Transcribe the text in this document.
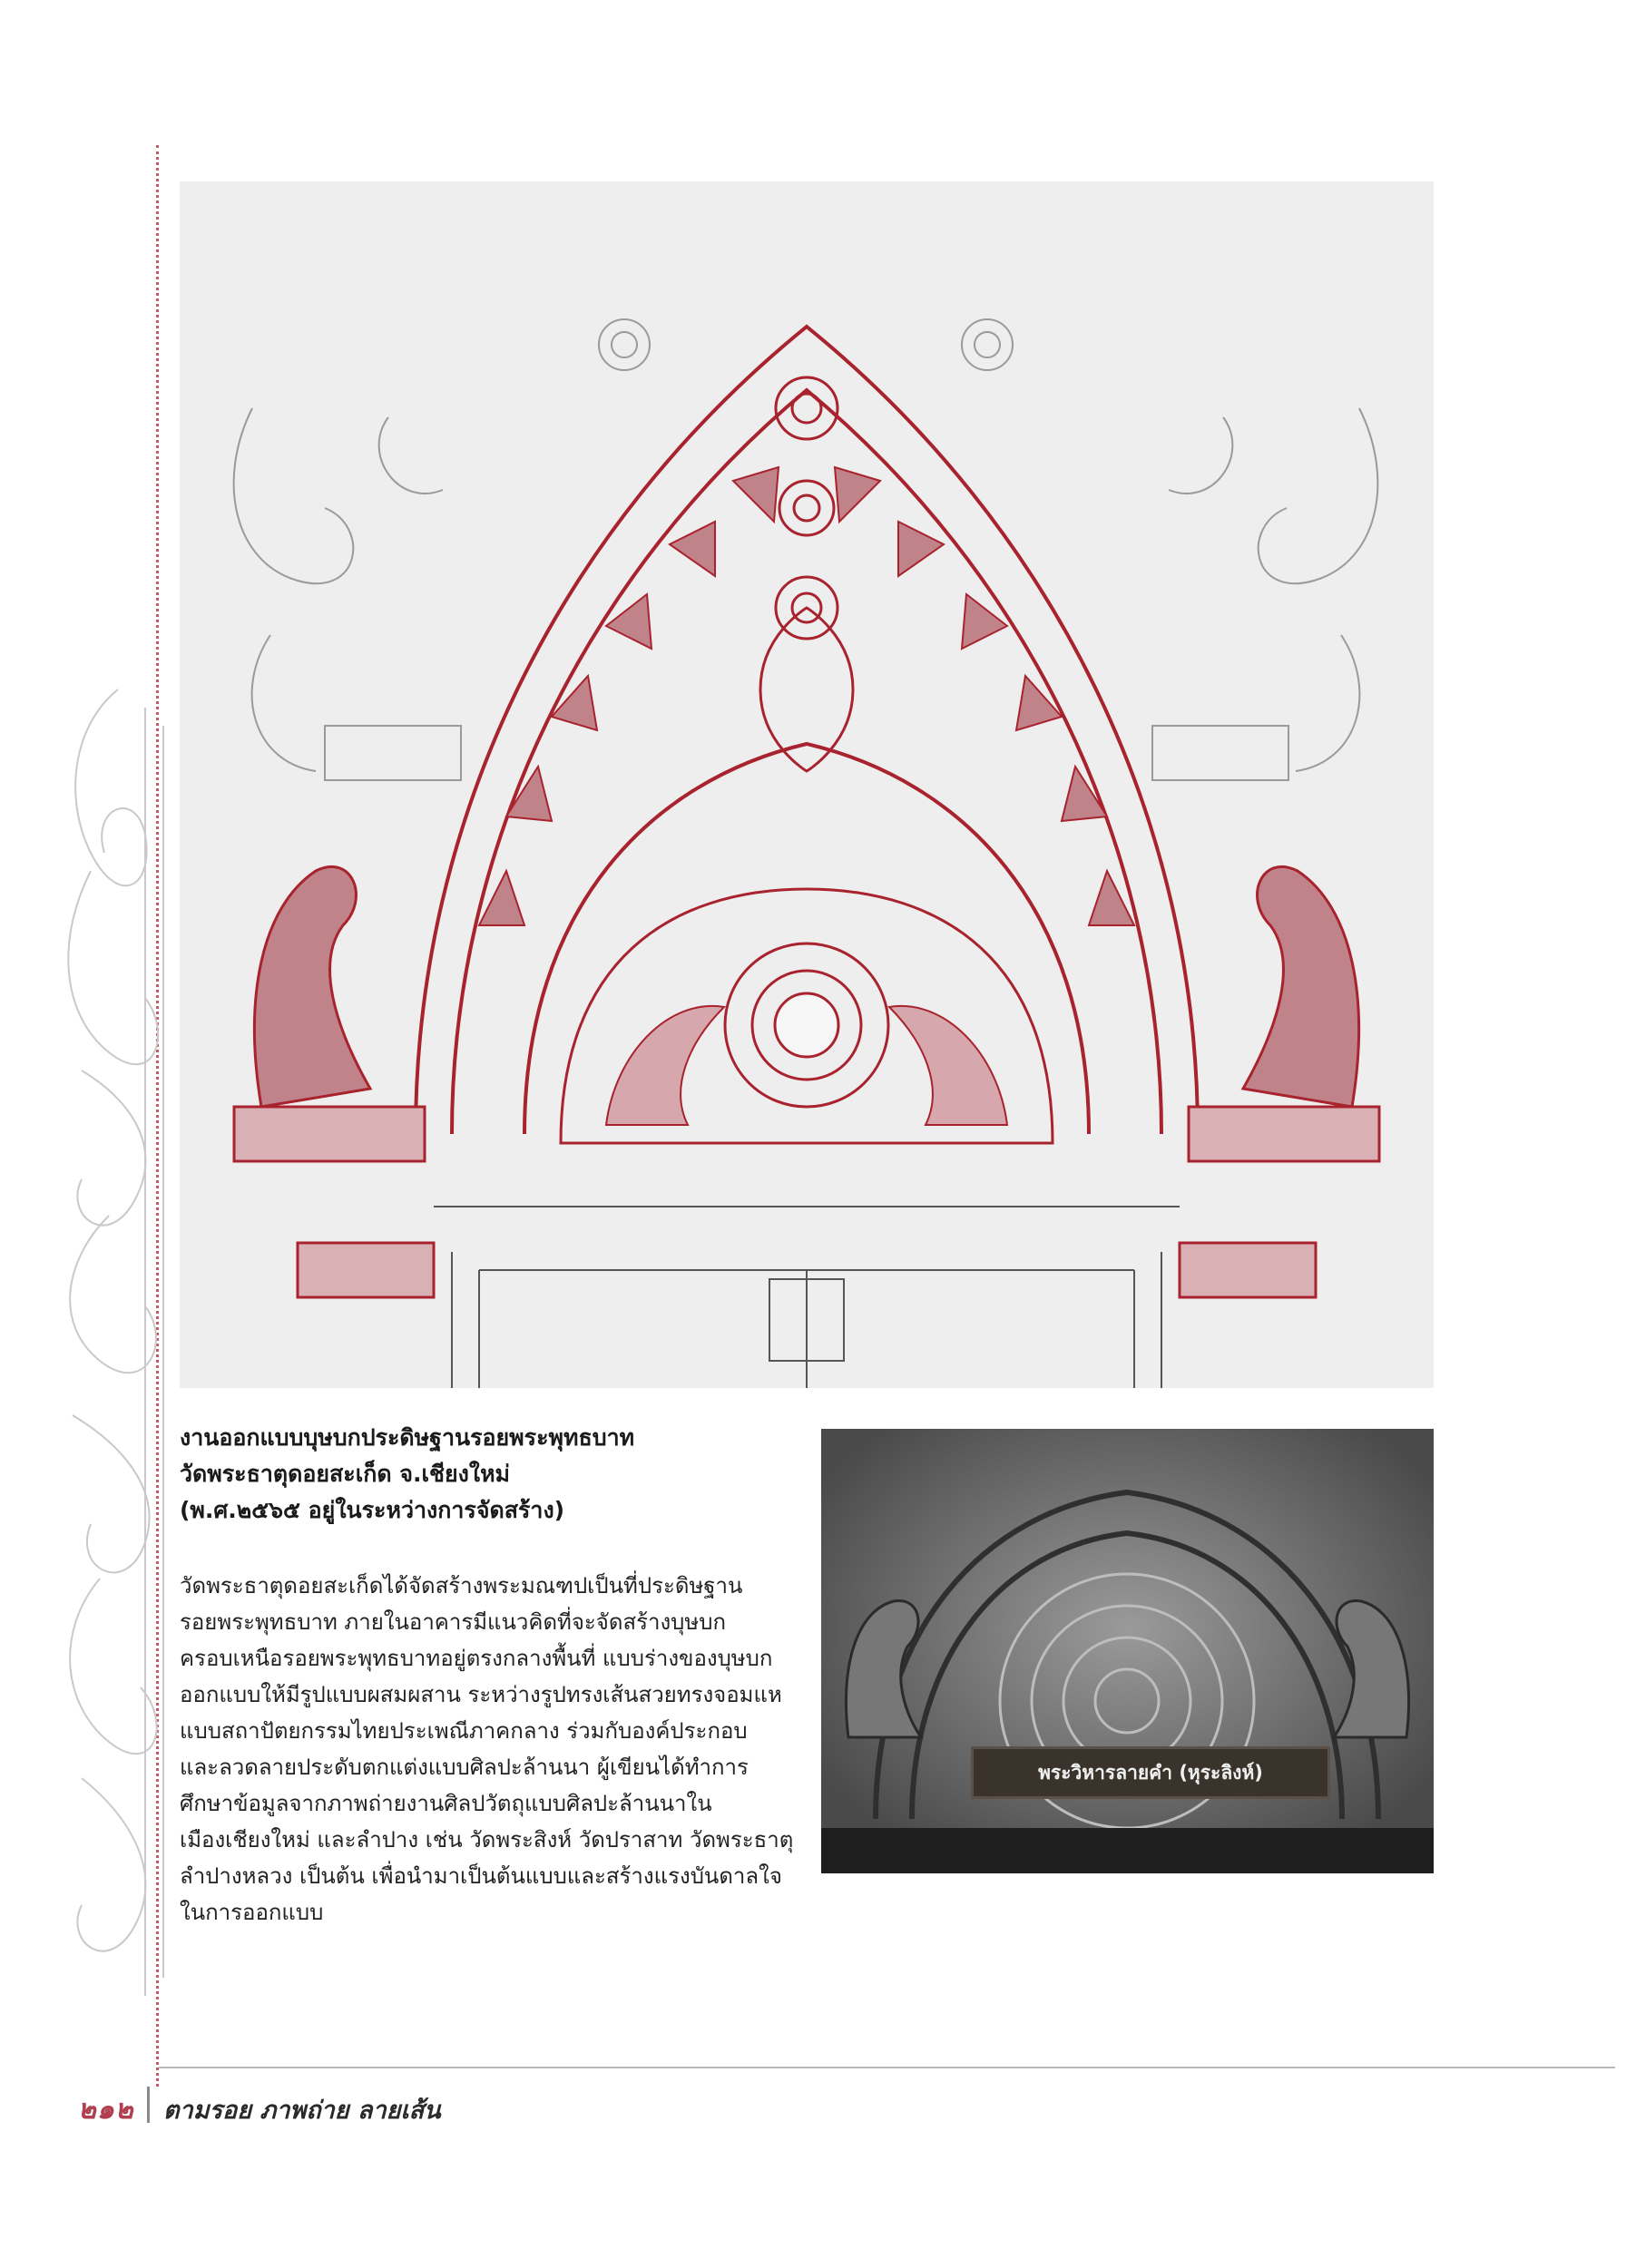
งานออกแบบบุษบกประดิษฐานรอยพระพุทธบาท
วัดพระธาตุดอยสะเก็ด จ.เชียงใหม่
(พ.ศ.๒๕๖๕ อยู่ในระหว่างการจัดสร้าง)
พระวิหารลายคำ (หุระลิงห์)
วัดพระธาตุดอยสะเก็ดได้จัดสร้างพระมณฑปเป็นที่ประดิษฐาน
รอยพระพุทธบาท ภายในอาคารมีแนวคิดที่จะจัดสร้างบุษบก
ครอบเหนือรอยพระพุทธบาทอยู่ตรงกลางพื้นที่ แบบร่างของบุษบก
ออกแบบให้มีรูปแบบผสมผสาน ระหว่างรูปทรงเส้นสวยทรงจอมแห
แบบสถาปัตยกรรมไทยประเพณีภาคกลาง ร่วมกับองค์ประกอบ
และลวดลายประดับตกแต่งแบบศิลปะล้านนา ผู้เขียนได้ทำการ
ศึกษาข้อมูลจากภาพถ่ายงานศิลปวัตถุแบบศิลปะล้านนาใน
เมืองเชียงใหม่ และลำปาง เช่น วัดพระสิงห์ วัดปราสาท วัดพระธาตุ
ลำปางหลวง เป็นต้น เพื่อนำมาเป็นต้นแบบและสร้างแรงบันดาลใจ
ในการออกแบบ
๒๑๒ ตามรอย ภาพถ่าย ลายเส้น
